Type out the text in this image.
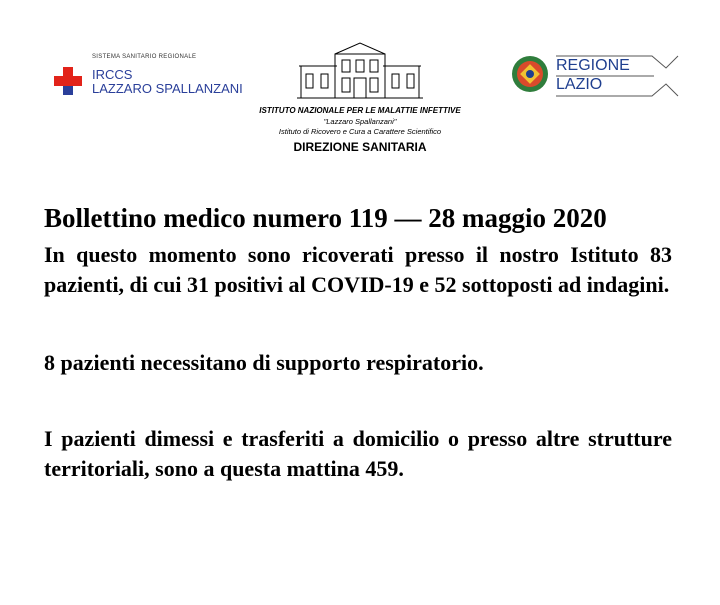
SISTEMA SANITARIO REGIONALE
IRCCS
LAZZARO SPALLANZANI
ISTITUTO NAZIONALE PER LE MALATTIE INFETTIVE
"Lazzaro Spallanzani"
Istituto di Ricovero e Cura a Carattere Scientifico
DIREZIONE SANITARIA
REGIONE
LAZIO

Bollettino medico numero 119 — 28 maggio 2020

In questo momento sono ricoverati presso il nostro Istituto 83 pazienti, di cui 31 positivi al COVID-19 e 52 sottoposti ad indagini.

8 pazienti necessitano di supporto respiratorio.

I pazienti dimessi e trasferiti a domicilio o presso altre strutture territoriali, sono a questa mattina 459.
